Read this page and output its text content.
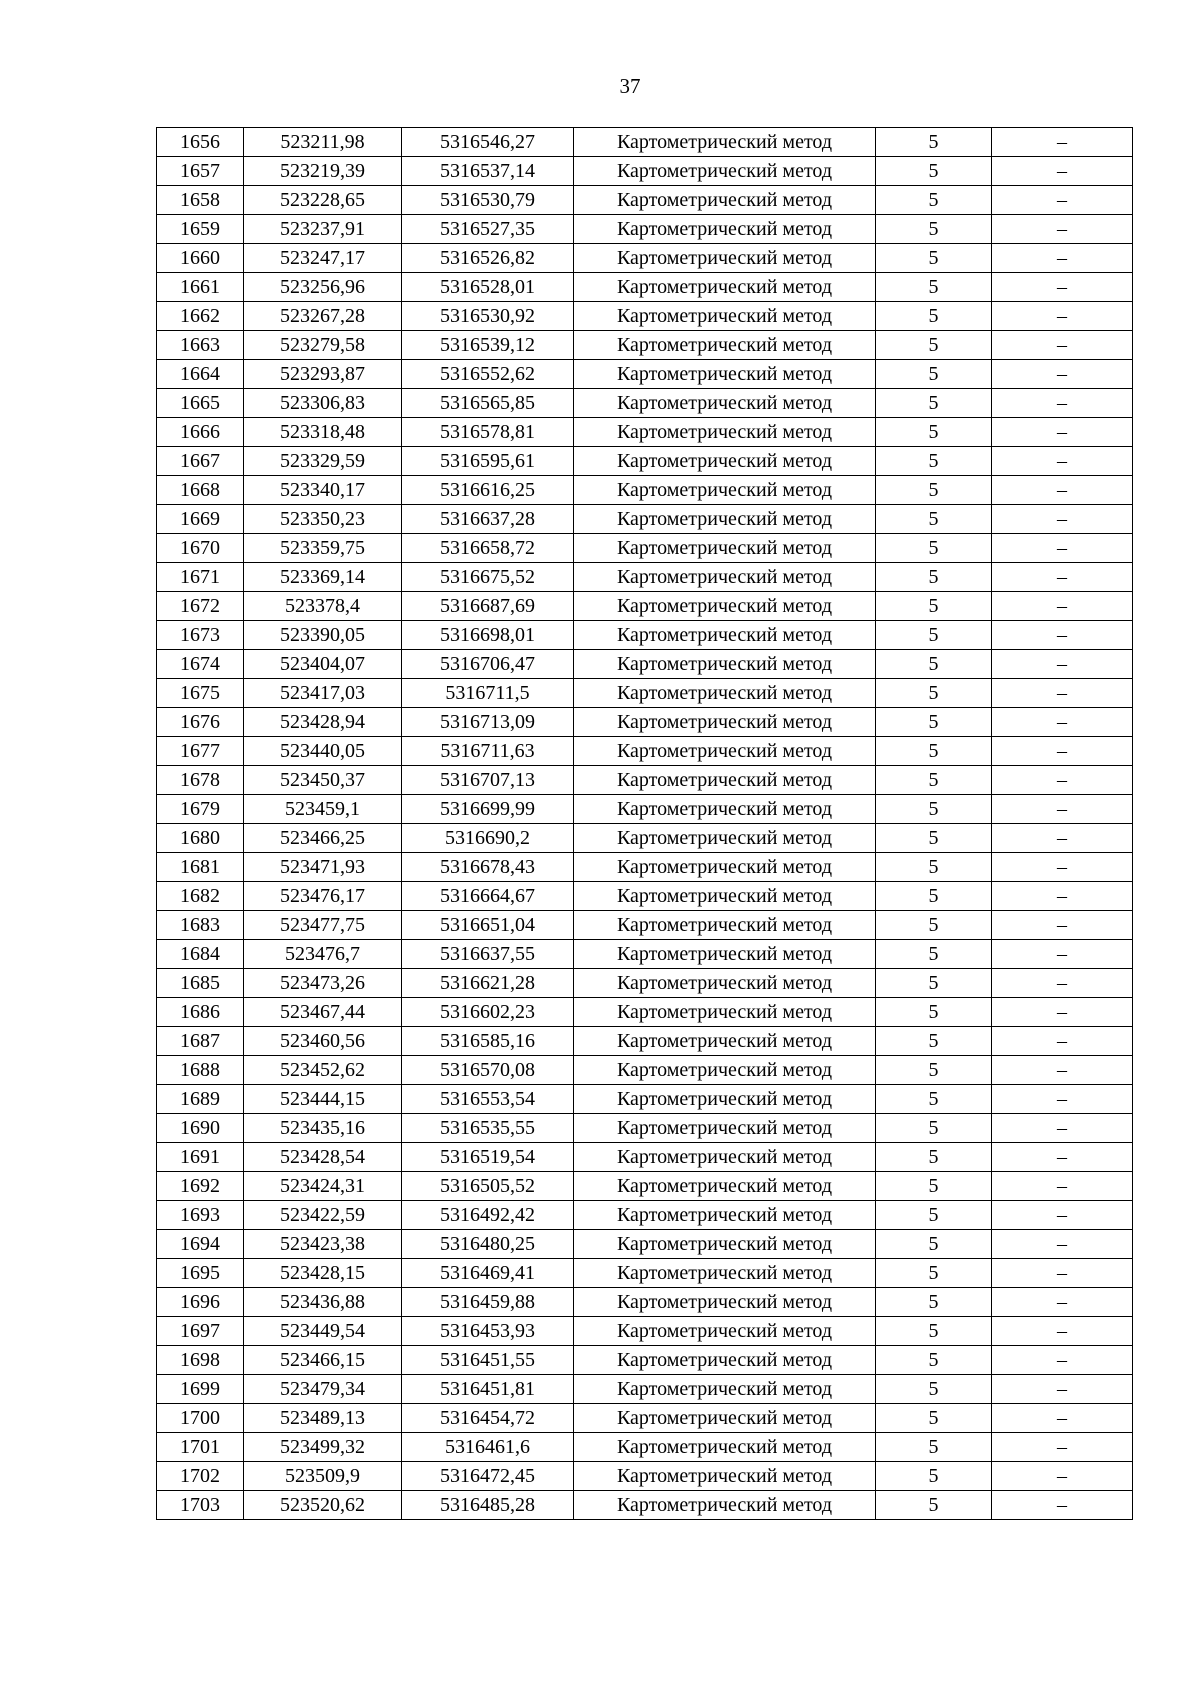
37
1656	523211,98	5316546,27	Картометрический метод	5	–
1657	523219,39	5316537,14	Картометрический метод	5	–
1658	523228,65	5316530,79	Картометрический метод	5	–
1659	523237,91	5316527,35	Картометрический метод	5	–
1660	523247,17	5316526,82	Картометрический метод	5	–
1661	523256,96	5316528,01	Картометрический метод	5	–
1662	523267,28	5316530,92	Картометрический метод	5	–
1663	523279,58	5316539,12	Картометрический метод	5	–
1664	523293,87	5316552,62	Картометрический метод	5	–
1665	523306,83	5316565,85	Картометрический метод	5	–
1666	523318,48	5316578,81	Картометрический метод	5	–
1667	523329,59	5316595,61	Картометрический метод	5	–
1668	523340,17	5316616,25	Картометрический метод	5	–
1669	523350,23	5316637,28	Картометрический метод	5	–
1670	523359,75	5316658,72	Картометрический метод	5	–
1671	523369,14	5316675,52	Картометрический метод	5	–
1672	523378,4	5316687,69	Картометрический метод	5	–
1673	523390,05	5316698,01	Картометрический метод	5	–
1674	523404,07	5316706,47	Картометрический метод	5	–
1675	523417,03	5316711,5	Картометрический метод	5	–
1676	523428,94	5316713,09	Картометрический метод	5	–
1677	523440,05	5316711,63	Картометрический метод	5	–
1678	523450,37	5316707,13	Картометрический метод	5	–
1679	523459,1	5316699,99	Картометрический метод	5	–
1680	523466,25	5316690,2	Картометрический метод	5	–
1681	523471,93	5316678,43	Картометрический метод	5	–
1682	523476,17	5316664,67	Картометрический метод	5	–
1683	523477,75	5316651,04	Картометрический метод	5	–
1684	523476,7	5316637,55	Картометрический метод	5	–
1685	523473,26	5316621,28	Картометрический метод	5	–
1686	523467,44	5316602,23	Картометрический метод	5	–
1687	523460,56	5316585,16	Картометрический метод	5	–
1688	523452,62	5316570,08	Картометрический метод	5	–
1689	523444,15	5316553,54	Картометрический метод	5	–
1690	523435,16	5316535,55	Картометрический метод	5	–
1691	523428,54	5316519,54	Картометрический метод	5	–
1692	523424,31	5316505,52	Картометрический метод	5	–
1693	523422,59	5316492,42	Картометрический метод	5	–
1694	523423,38	5316480,25	Картометрический метод	5	–
1695	523428,15	5316469,41	Картометрический метод	5	–
1696	523436,88	5316459,88	Картометрический метод	5	–
1697	523449,54	5316453,93	Картометрический метод	5	–
1698	523466,15	5316451,55	Картометрический метод	5	–
1699	523479,34	5316451,81	Картометрический метод	5	–
1700	523489,13	5316454,72	Картометрический метод	5	–
1701	523499,32	5316461,6	Картометрический метод	5	–
1702	523509,9	5316472,45	Картометрический метод	5	–
1703	523520,62	5316485,28	Картометрический метод	5	–
